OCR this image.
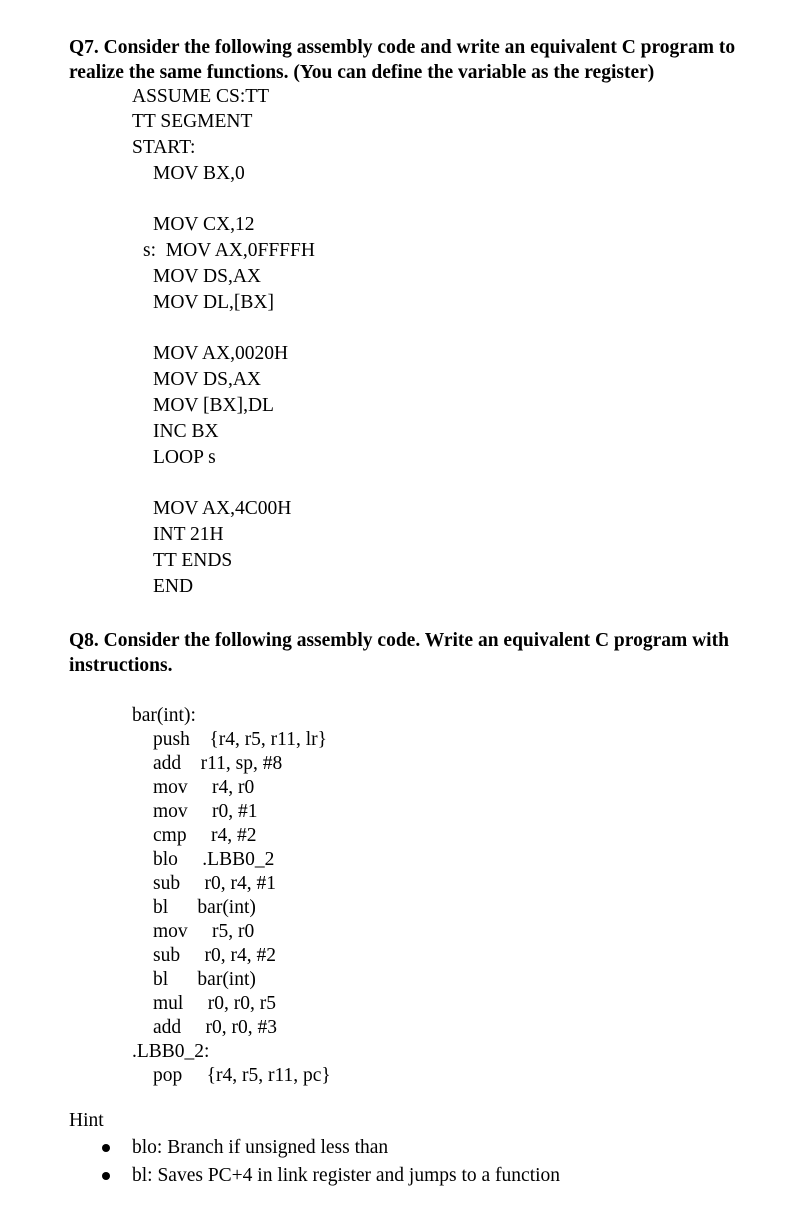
Q7. Consider the following assembly code and write an equivalent C program to
realize the same functions. (You can define the variable as the register)
ASSUME CS:TT
TT SEGMENT
START:
MOV BX,0
MOV CX,12
s:  MOV AX,0FFFFH
MOV DS,AX
MOV DL,[BX]
MOV AX,0020H
MOV DS,AX
MOV [BX],DL
INC BX
LOOP s
MOV AX,4C00H
INT 21H
TT ENDS
END
Q8. Consider the following assembly code. Write an equivalent C program with
instructions.
bar(int):
push    {r4, r5, r11, lr}
add    r11, sp, #8
mov     r4, r0
mov     r0, #1
cmp     r4, #2
blo     .LBB0_2
sub     r0, r4, #1
bl      bar(int)
mov     r5, r0
sub     r0, r4, #2
bl      bar(int)
mul     r0, r0, r5
add     r0, r0, #3
.LBB0_2:
pop     {r4, r5, r11, pc}
Hint
blo: Branch if unsigned less than
bl: Saves PC+4 in link register and jumps to a function
